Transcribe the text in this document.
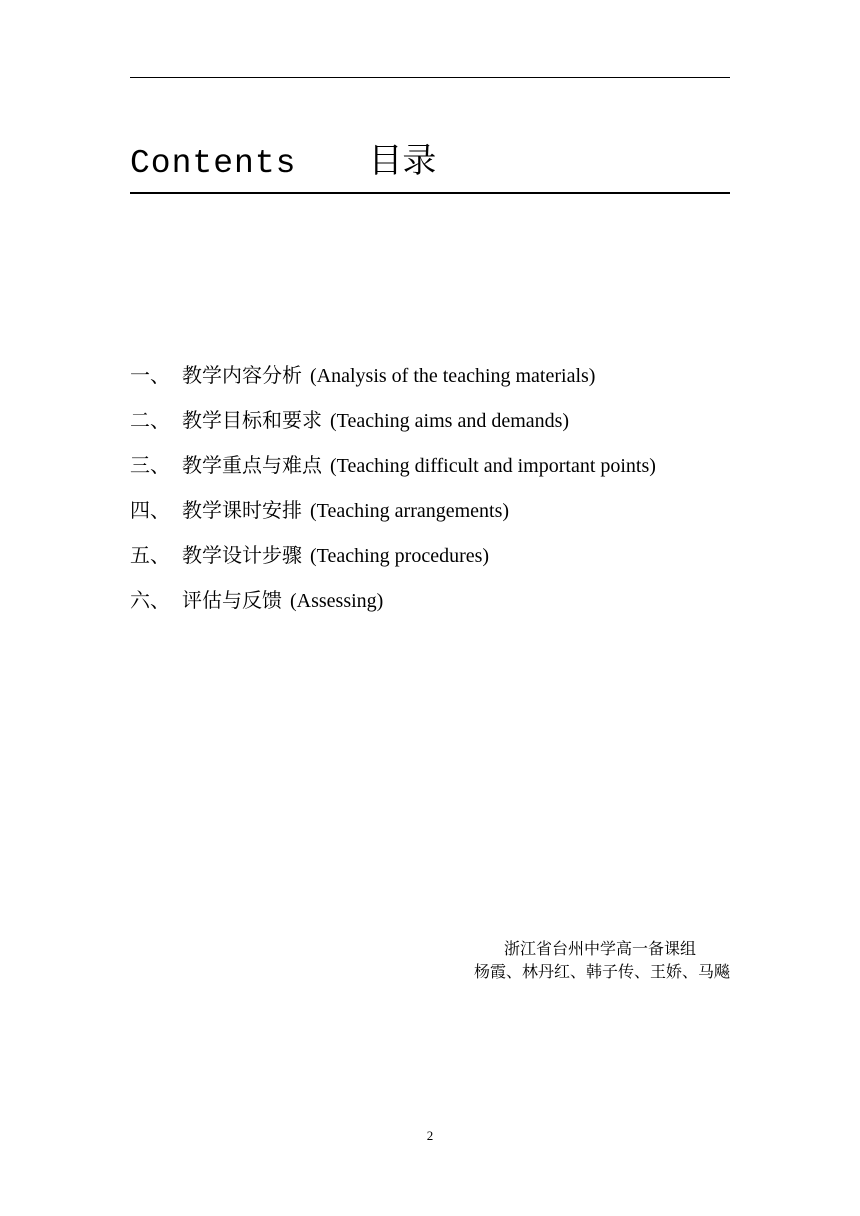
Contents 目录
一、 教学内容分析 (Analysis of the teaching materials)
二、 教学目标和要求 (Teaching aims and demands)
三、 教学重点与难点 (Teaching difficult and important points)
四、 教学课时安排 (Teaching arrangements)
五、 教学设计步骤 (Teaching procedures)
六、 评估与反馈 (Assessing)
浙江省台州中学高一备课组
杨霞、林丹红、韩子传、王娇、马飚
2
